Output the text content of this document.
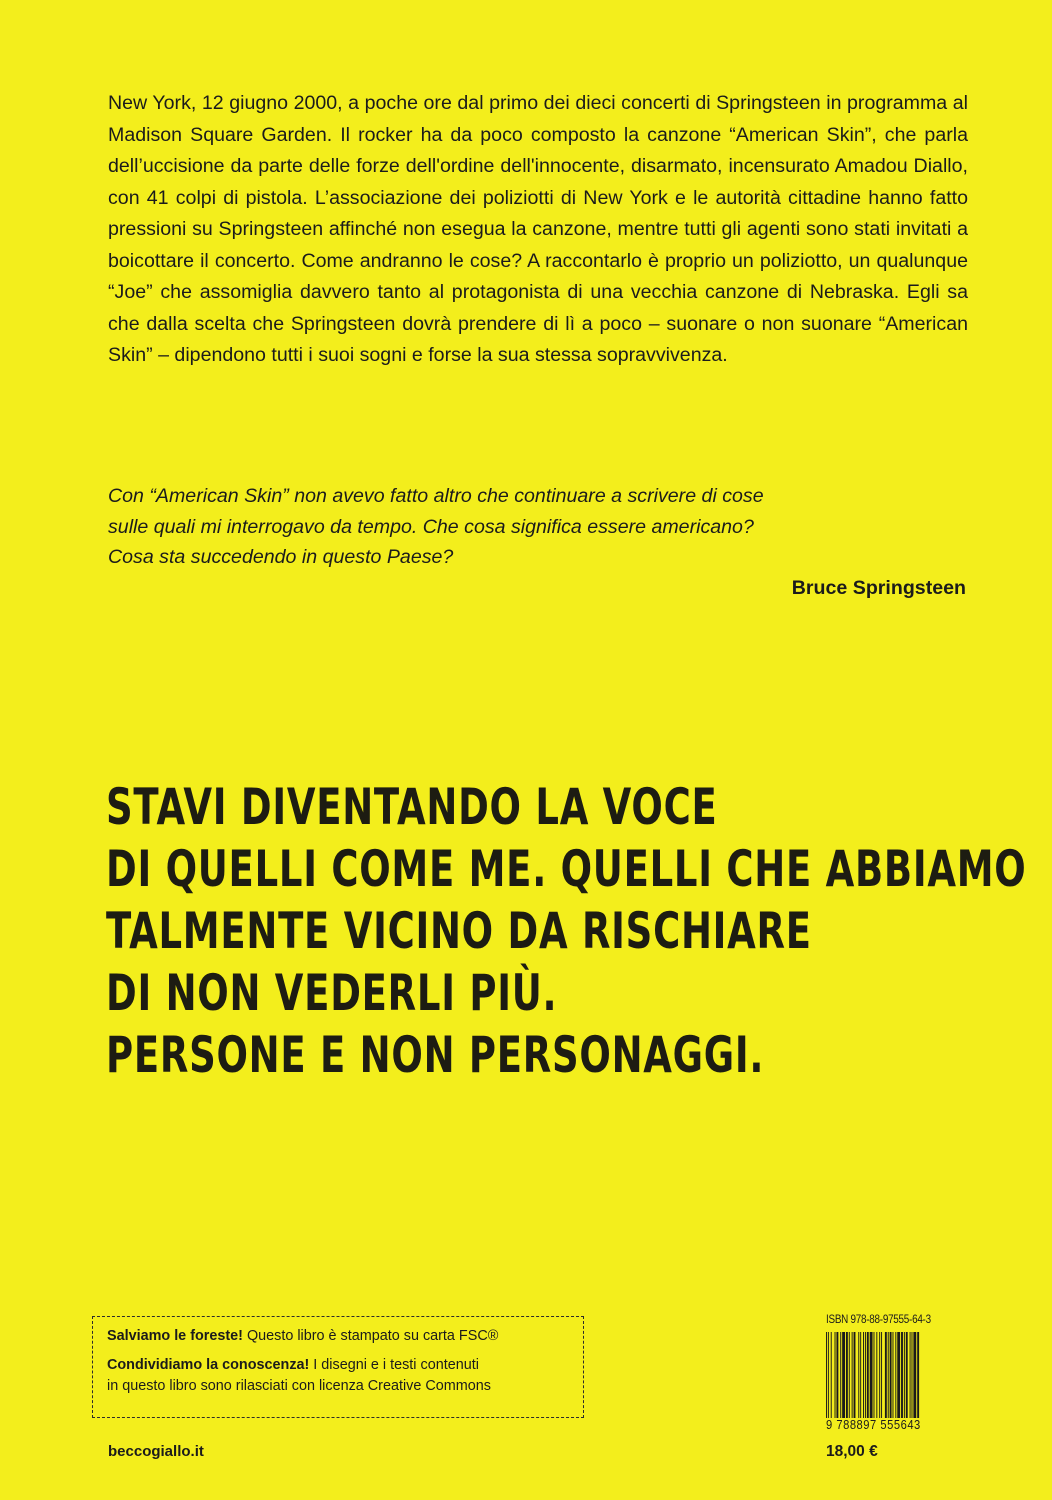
New York, 12 giugno 2000, a poche ore dal primo dei dieci concerti di Springsteen in programma al Madison Square Garden. Il rocker ha da poco composto la canzone “American Skin”, che parla dell’uccisione da parte delle forze dell'ordine dell'innocente, disarmato, incensurato Amadou Diallo, con 41 colpi di pistola. L’associazione dei poliziotti di New York e le autorità cittadine hanno fatto pressioni su Springsteen affinché non esegua la canzone, mentre tutti gli agenti sono stati invitati a boicottare il concerto. Come andranno le cose? A raccontarlo è proprio un poliziotto, un qualunque “Joe” che assomiglia davvero tanto al protagonista di una vecchia canzone di Nebraska. Egli sa che dalla scelta che Springsteen dovrà prendere di lì a poco – suonare o non suonare “American Skin” – dipendono tutti i suoi sogni e forse la sua stessa sopravvivenza.

Con “American Skin” non avevo fatto altro che continuare a scrivere di cose
sulle quali mi interrogavo da tempo. Che cosa significa essere americano?
Cosa sta succedendo in questo Paese?
Bruce Springsteen
STAVI DIVENTANDO LA VOCE
DI QUELLI COME ME. QUELLI CHE ABBIAMO
TALMENTE VICINO DA RISCHIARE
DI NON VEDERLI PIÙ.
PERSONE E NON PERSONAGGI.
Salviamo le foreste! Questo libro è stampato su carta FSC®
Condividiamo la conoscenza! I disegni e i testi contenuti
in questo libro sono rilasciati con licenza Creative Commons
beccogiallo.it
ISBN 978-88-97555-64-3
9 788897 555643
18,00 €
